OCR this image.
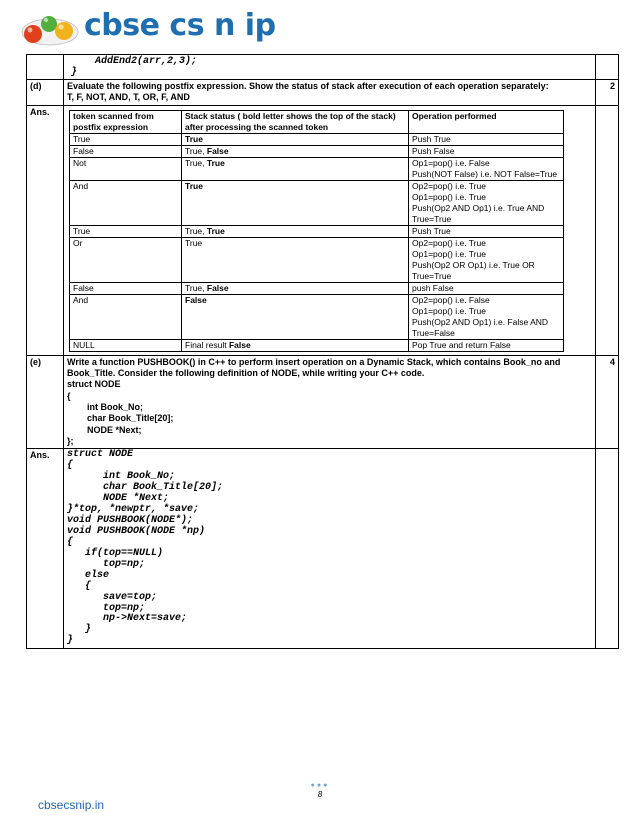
cbse cs n ip

AddEnd2(arr,2,3);
}

(d)	Evaluate the following postfix expression. Show the status of stack after execution of each operation separately:

T, F, NOT, AND, T, OR, F, AND

	2
Ans.		token scanned from postfix expression	Stack status ( bold letter shows the top of the stack) after processing the scanned token	Operation performed
True	True	Push True

False	True, False	Push False

Not	True, True	Op1=pop() i.e. False
Push(NOT False) i.e. NOT False=True

And	True	Op2=pop() i.e. True
Op1=pop() i.e. True
Push(Op2 AND Op1) i.e. True AND True=True

True	True, True	Push True

Or	True	Op2=pop() i.e. True
Op1=pop() i.e. True
Push(Op2 OR Op1) i.e. True OR True=True

False	True, False	push False

And	False	Op2=pop() i.e. False
Op1=pop() i.e. True
Push(Op2 AND Op1) i.e. False AND True=False

NULL	Final result False	Pop True and return False

(e)	Write a function PUSHBOOK() in C++ to perform insert operation on a Dynamic Stack, which contains Book_no and Book_Title. Consider the following definition of NODE, while writing your C++ code.

struct NODE
{
int Book_No;
char Book_Title[20];
NODE *Next;
};
	4
Ans.	struct NODE
{
int Book_No;
char Book_Title[20];
NODE *Next;
}*top, *newptr, *save;
void PUSHBOOK(NODE*);
void PUSHBOOK(NODE *np)
{
if(top==NULL)
top=np;
else
{
save=top;
top=np;
np->Next=save;
}
}

●●●
8
cbsecsnip.in
